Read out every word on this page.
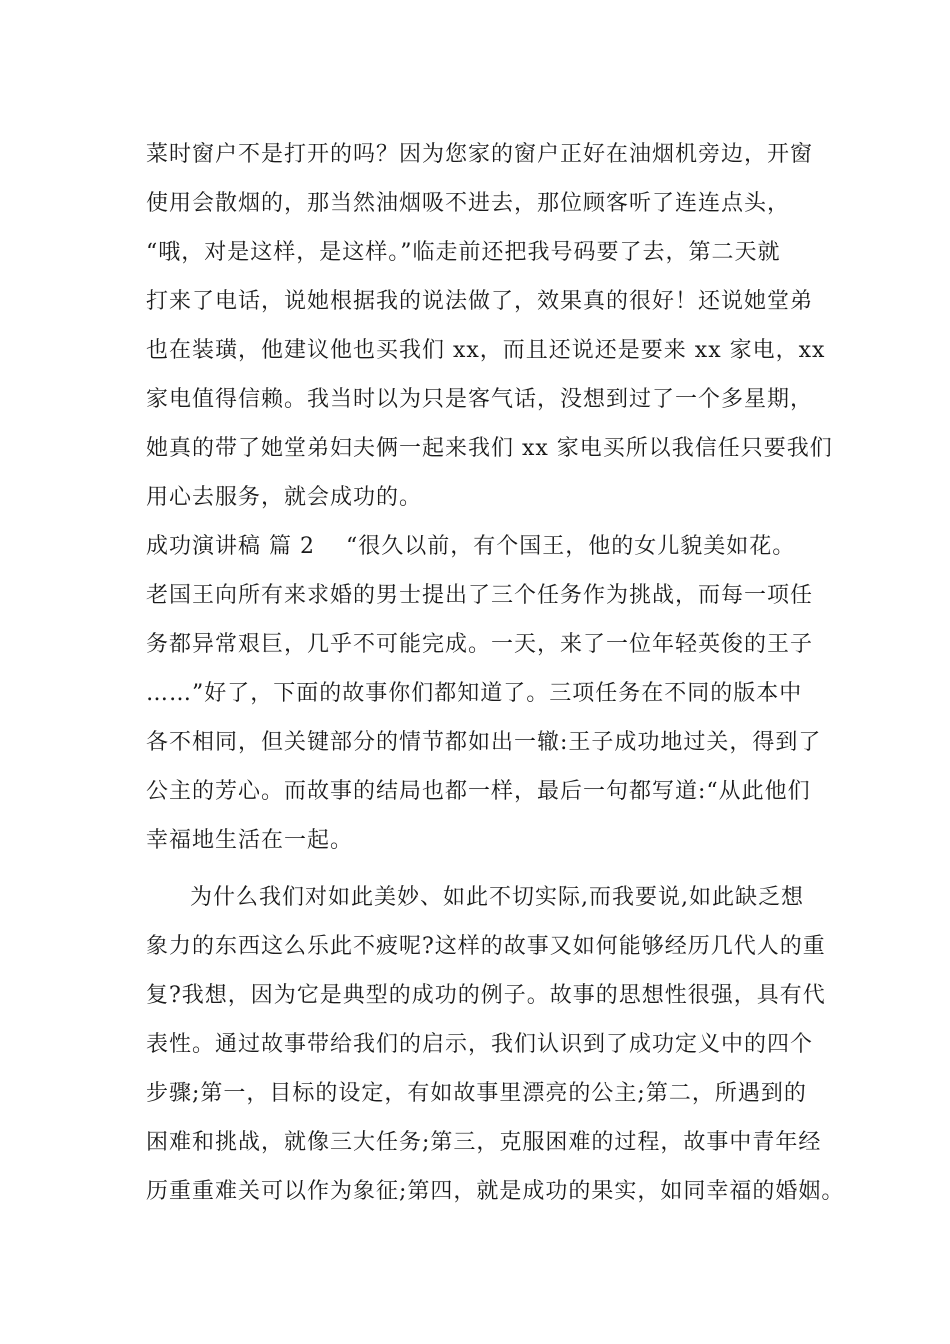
菜时窗户不是打开的吗？因为您家的窗户正好在油烟机旁边，开窗
使用会散烟的，那当然油烟吸不进去，那位顾客听了连连点头，
“哦，对是这样，是这样。”临走前还把我号码要了去，第二天就
打来了电话，说她根据我的说法做了，效果真的很好！还说她堂弟
也在装璜，他建议他也买我们 xx，而且还说还是要来 xx 家电，xx
家电值得信赖。我当时以为只是客气话，没想到过了一个多星期，
她真的带了她堂弟妇夫俩一起来我们 xx 家电买所以我信任只要我们
用心去服务，就会成功的。
成功演讲稿 篇 2 “很久以前，有个国王，他的女儿貌美如花。
老国王向所有来求婚的男士提出了三个任务作为挑战，而每一项任
务都异常艰巨，几乎不可能完成。一天，来了一位年轻英俊的王子
……”好了，下面的故事你们都知道了。三项任务在不同的版本中
各不相同，但关键部分的情节都如出一辙:王子成功地过关，得到了
公主的芳心。而故事的结局也都一样，最后一句都写道:“从此他们
幸福地生活在一起。
为什么我们对如此美妙、如此不切实际,而我要说,如此缺乏想
象力的东西这么乐此不疲呢?这样的故事又如何能够经历几代人的重
复?我想，因为它是典型的成功的例子。故事的思想性很强，具有代
表性。通过故事带给我们的启示，我们认识到了成功定义中的四个
步骤;第一，目标的设定，有如故事里漂亮的公主;第二，所遇到的
困难和挑战，就像三大任务;第三，克服困难的过程，故事中青年经
历重重难关可以作为象征;第四，就是成功的果实，如同幸福的婚姻。
